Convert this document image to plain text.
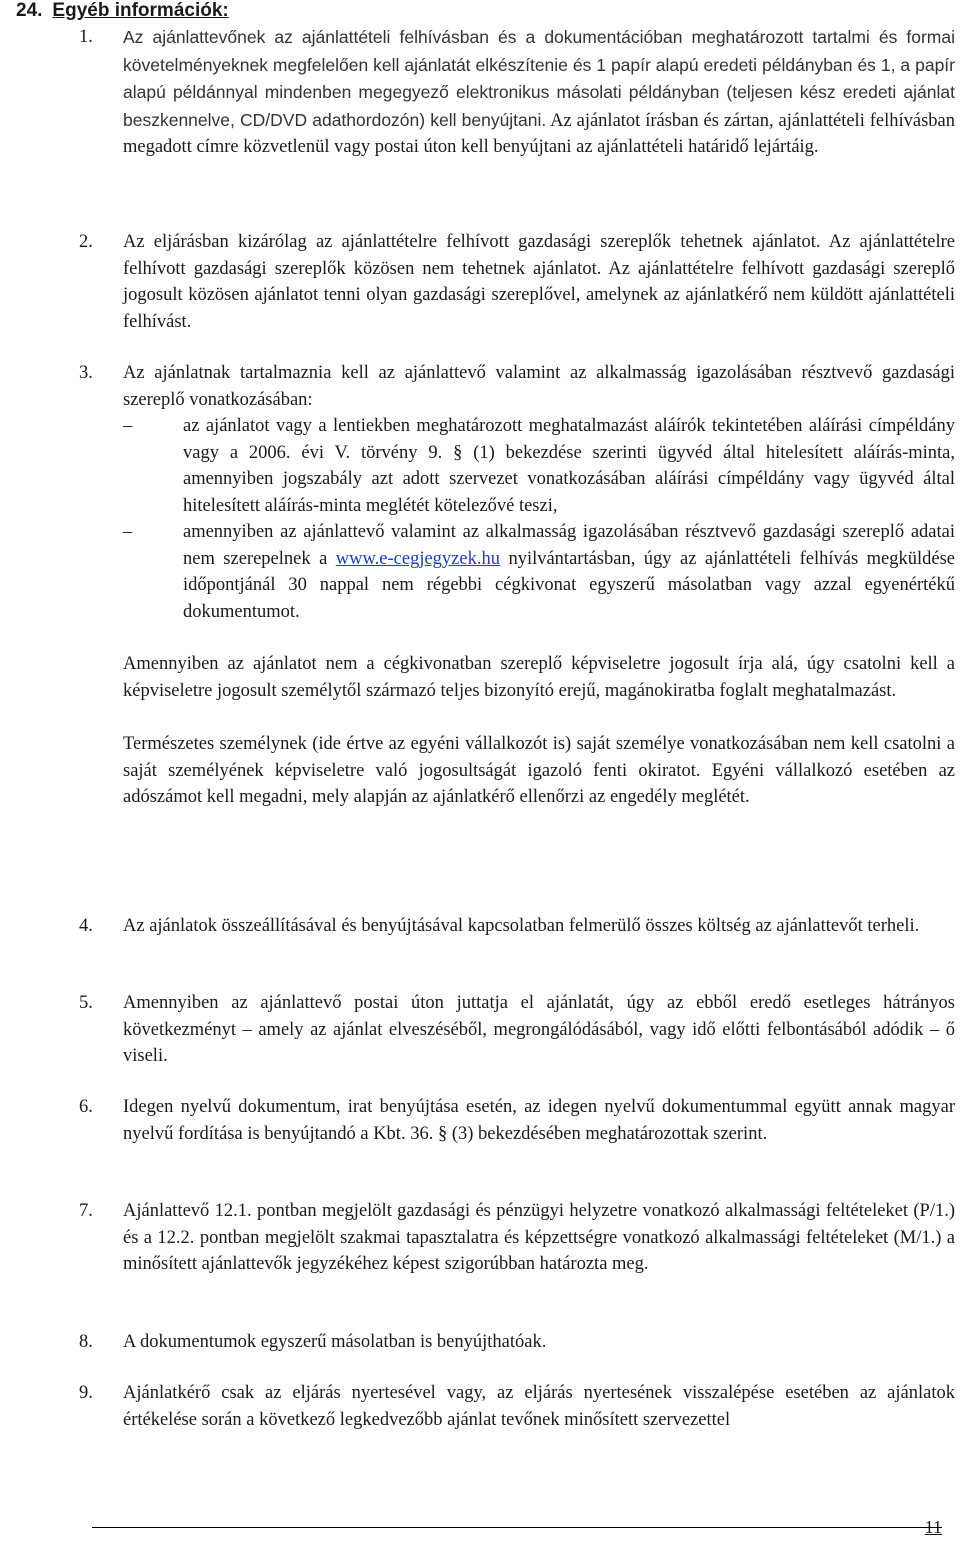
24. Egyéb információk:
1. Az ajánlattevőnek az ajánlattételi felhívásban és a dokumentációban meghatározott tartalmi és formai követelményeknek megfelelően kell ajánlatát elkészítenie és 1 papír alapú eredeti példányban és 1, a papír alapú példánnyal mindenben megegyező elektronikus másolati példányban (teljesen kész eredeti ajánlat beszkennelve, CD/DVD adathordozón) kell benyújtani. Az ajánlatot írásban és zártan, ajánlattételi felhívásban megadott címre közvetlenül vagy postai úton kell benyújtani az ajánlattételi határidő lejártáig.

2. Az eljárásban kizárólag az ajánlattételre felhívott gazdasági szereplők tehetnek ajánlatot. Az ajánlattételre felhívott gazdasági szereplők közösen nem tehetnek ajánlatot. Az ajánlattételre felhívott gazdasági szereplő jogosult közösen ajánlatot tenni olyan gazdasági szereplővel, amelynek az ajánlatkérő nem küldött ajánlattételi felhívást.

3. Az ajánlatnak tartalmaznia kell az ajánlattevő valamint az alkalmasság igazolásában résztvevő gazdasági szereplő vonatkozásában:

–	az ajánlatot vagy a lentiekben meghatározott meghatalmazást aláírók tekintetében aláírási címpéldány vagy a 2006. évi V. törvény 9. § (1) bekezdése szerinti ügyvéd által hitelesített aláírás-minta, amennyiben jogszabály azt adott szervezet vonatkozásában aláírási címpéldány vagy ügyvéd által hitelesített aláírás-minta meglétét kötelezővé teszi,
–	amennyiben az ajánlattevő valamint az alkalmasság igazolásában résztvevő gazdasági szereplő adatai nem szerepelnek a www.e-cegjegyzek.hu nyilvántartásban, úgy az ajánlattételi felhívás megküldése időpontjánál 30 nappal nem régebbi cégkivonat egyszerű másolatban vagy azzal egyenértékű dokumentumot.

Amennyiben az ajánlatot nem a cégkivonatban szereplő képviseletre jogosult írja alá, úgy csatolni kell a képviseletre jogosult személytől származó teljes bizonyító erejű, magánokiratba foglalt meghatalmazást.

Természetes személynek (ide értve az egyéni vállalkozót is) saját személye vonatkozásában nem kell csatolni a saját személyének képviseletre való jogosultságát igazoló fenti okiratot. Egyéni vállalkozó esetében az adószámot kell megadni, mely alapján az ajánlatkérő ellenőrzi az engedély meglétét.

4. Az ajánlatok összeállításával és benyújtásával kapcsolatban felmerülő összes költség az ajánlattevőt terheli.

5. Amennyiben az ajánlattevő postai úton juttatja el ajánlatát, úgy az ebből eredő esetleges hátrányos következményt – amely az ajánlat elveszéséből, megrongálódásából, vagy idő előtti felbontásából adódik – ő viseli.

6. Idegen nyelvű dokumentum, irat benyújtása esetén, az idegen nyelvű dokumentummal együtt annak magyar nyelvű fordítása is benyújtandó a Kbt. 36. § (3) bekezdésében meghatározottak szerint.

7. Ajánlattevő 12.1. pontban megjelölt gazdasági és pénzügyi helyzetre vonatkozó alkalmassági feltételeket (P/1.) és a 12.2. pontban megjelölt szakmai tapasztalatra és képzettségre vonatkozó alkalmassági feltételeket (M/1.) a minősített ajánlattevők jegyzékéhez képest szigorúbban határozta meg.

8. A dokumentumok egyszerű másolatban is benyújthatóak.

9. Ajánlatkérő csak az eljárás nyertesével vagy, az eljárás nyertesének visszalépése esetében az ajánlatok értékelése során a következő legkedvezőbb ajánlat tevőnek minősített szervezettel

11
